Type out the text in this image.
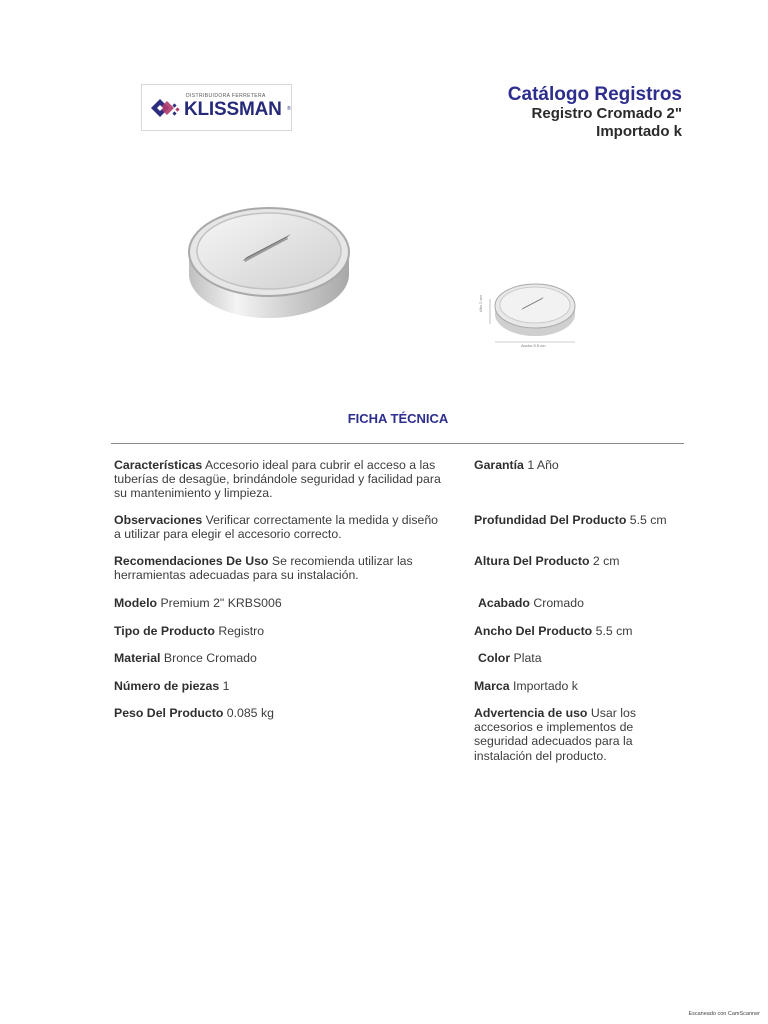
DISTRIBUIDORA FERRETERA
KLISSMAN ®
Catálogo Registros
Registro Cromado 2"
Importado k
Alto 2 cm
Ancho 5.5 cm
FICHA TÉCNICA
Características Accesorio ideal para cubrir el acceso a las tuberías de desagüe, brindándole seguridad y facilidad para su mantenimiento y limpieza.
Observaciones Verificar correctamente la medida y diseño a utilizar para elegir el accesorio correcto.
Recomendaciones De Uso Se recomienda utilizar las herramientas adecuadas para su instalación.
Modelo Premium 2" KRBS006
Tipo de Producto Registro
Material Bronce Cromado
Número de piezas 1
Peso Del Producto 0.085 kg
Garantía 1 Año
Profundidad Del Producto 5.5 cm
Altura Del Producto 2 cm
Acabado Cromado
Ancho Del Producto 5.5 cm
Color Plata
Marca Importado k
Advertencia de uso Usar los accesorios e implementos de seguridad adecuados para la instalación del producto.
Escaneado con CamScanner
